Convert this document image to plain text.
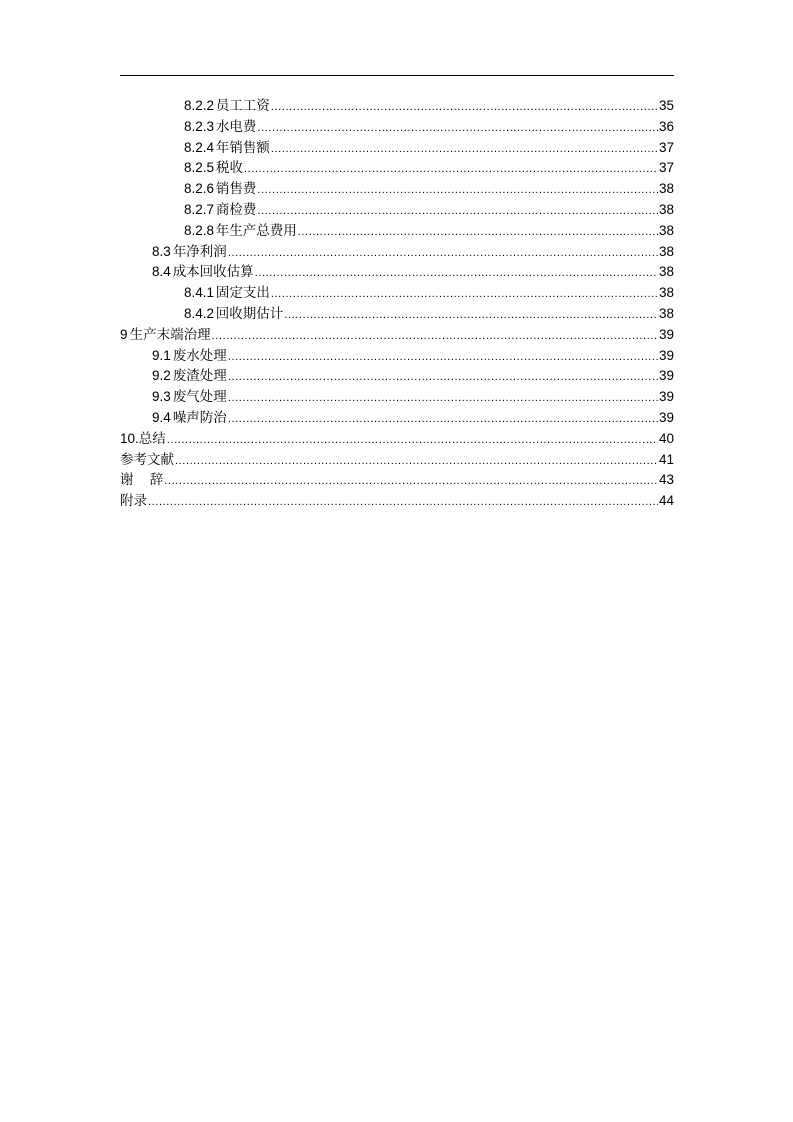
8.2.2 员工工资 .....	35
8.2.3 水电费 .....	36
8.2.4 年销售额 .....	37
8.2.5 税收 .....	37
8.2.6 销售费 .....	38
8.2.7 商检费 .....	38
8.2.8 年生产总费用 .....	38
8.3 年净利润 .....	38
8.4 成本回收估算 .....	38
8.4.1 固定支出 .....	38
8.4.2 回收期估计 .....	38
9 生产末端治理 .....	39
9.1 废水处理 .....	39
9.2 废渣处理 .....	39
9.3 废气处理 .....	39
9.4 噪声防治 .....	39
10. 总结 .....	40
参考文献 .....	41
谢 辞 .....	43
附录 .....	44
